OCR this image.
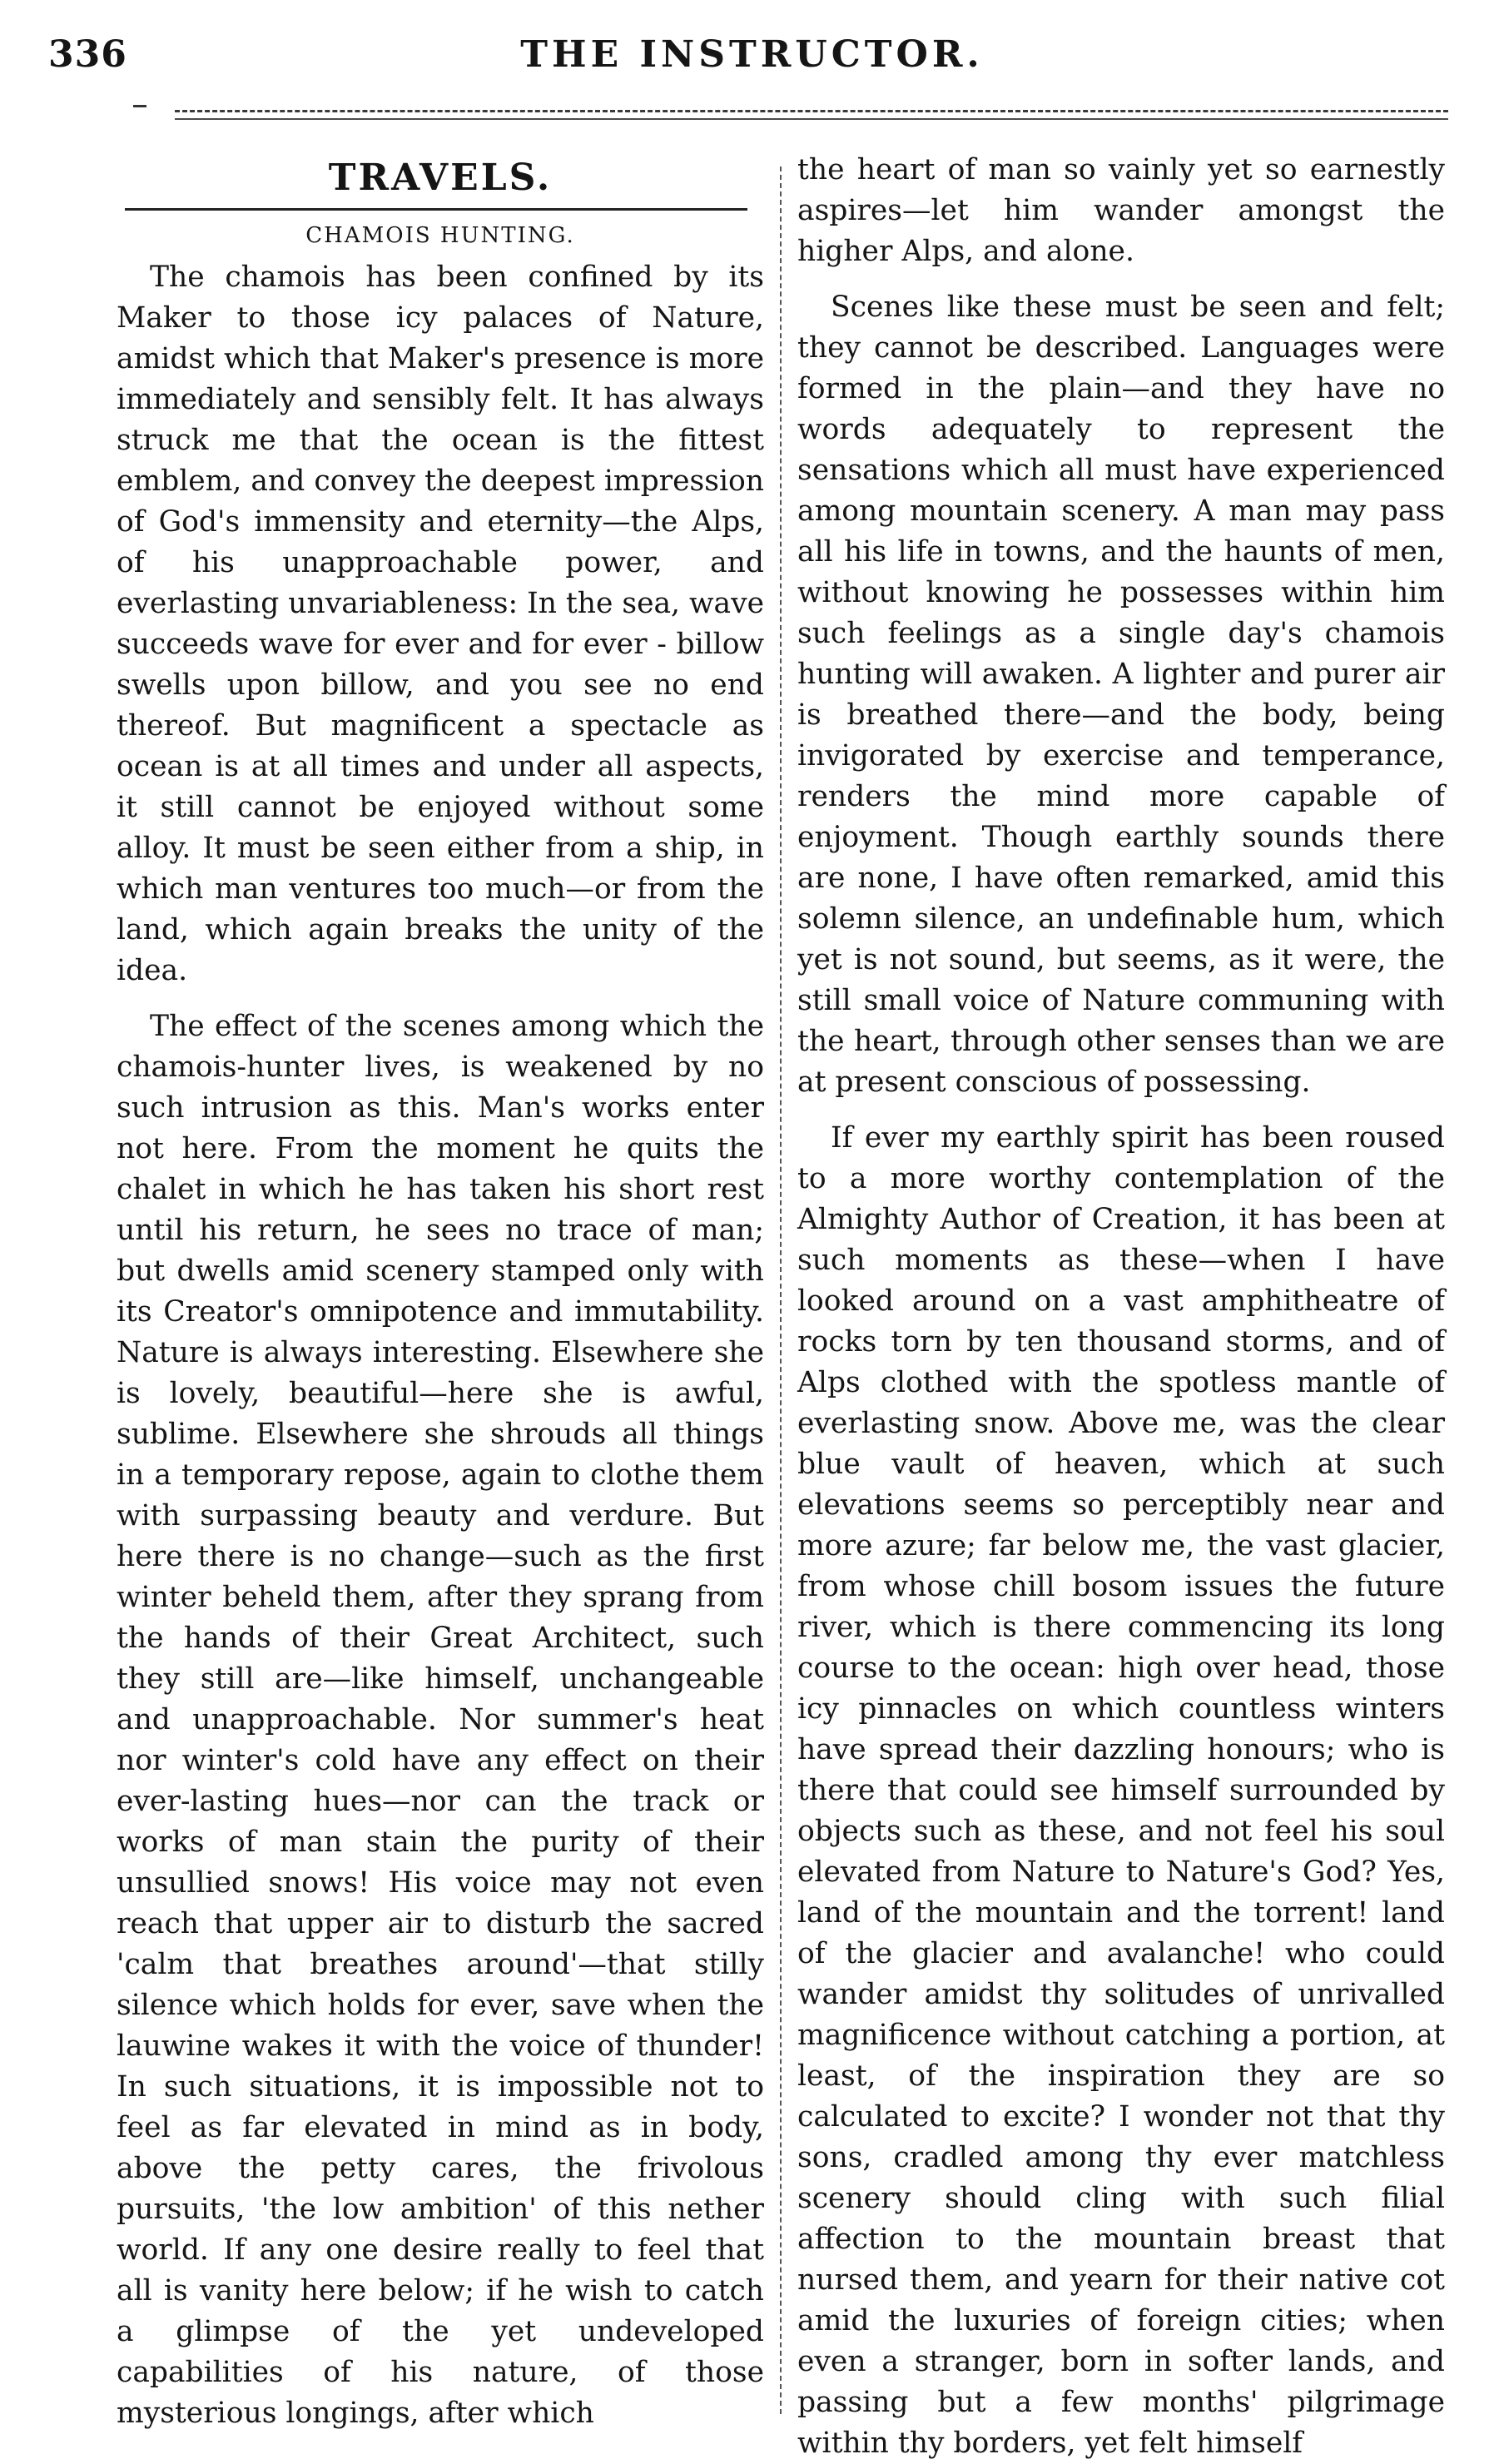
336	THE INSTRUCTOR.
TRAVELS.
CHAMOIS HUNTING.

The chamois has been confined by its Maker to those icy palaces of Nature, amidst which that Maker's presence is more immediately and sensibly felt. It has always struck me that the ocean is the fittest emblem, and convey the deepest impression of God's immensity and eternity—the Alps, of his unapproachable power, and everlasting unvariableness: In the sea, wave succeeds wave for ever and for ever - billow swells upon billow, and you see no end thereof. But magnificent a spectacle as ocean is at all times and under all aspects, it still cannot be enjoyed without some alloy. It must be seen either from a ship, in which man ventures too much—or from the land, which again breaks the unity of the idea.

The effect of the scenes among which the chamois-hunter lives, is weakened by no such intrusion as this. Man's works enter not here. From the moment he quits the chalet in which he has taken his short rest until his return, he sees no trace of man; but dwells amid scenery stamped only with its Creator's omnipotence and immutability. Nature is always interesting. Elsewhere she is lovely, beautiful—here she is awful, sublime. Elsewhere she shrouds all things in a temporary repose, again to clothe them with surpassing beauty and verdure. But here there is no change—such as the first winter beheld them, after they sprang from the hands of their Great Architect, such they still are—like himself, unchangeable and unapproachable. Nor summer's heat nor winter's cold have any effect on their ever-lasting hues—nor can the track or works of man stain the purity of their unsullied snows! His voice may not even reach that upper air to disturb the sacred 'calm that breathes around'—that stilly silence which holds for ever, save when the lauwine wakes it with the voice of thunder! In such situations, it is impossible not to feel as far elevated in mind as in body, above the petty cares, the frivolous pursuits, 'the low ambition' of this nether world. If any one desire really to feel that all is vanity here below; if he wish to catch a glimpse of the yet undeveloped capabilities of his nature, of those mysterious longings, after which

the heart of man so vainly yet so earnestly aspires—let him wander amongst the higher Alps, and alone.

Scenes like these must be seen and felt; they cannot be described. Languages were formed in the plain—and they have no words adequately to represent the sensations which all must have experienced among mountain scenery. A man may pass all his life in towns, and the haunts of men, without knowing he possesses within him such feelings as a single day's chamois hunting will awaken. A lighter and purer air is breathed there—and the body, being invigorated by exercise and temperance, renders the mind more capable of enjoyment. Though earthly sounds there are none, I have often remarked, amid this solemn silence, an undefinable hum, which yet is not sound, but seems, as it were, the still small voice of Nature communing with the heart, through other senses than we are at present conscious of possessing.

If ever my earthly spirit has been roused to a more worthy contemplation of the Almighty Author of Creation, it has been at such moments as these—when I have looked around on a vast amphitheatre of rocks torn by ten thousand storms, and of Alps clothed with the spotless mantle of everlasting snow. Above me, was the clear blue vault of heaven, which at such elevations seems so perceptibly near and more azure; far below me, the vast glacier, from whose chill bosom issues the future river, which is there commencing its long course to the ocean: high over head, those icy pinnacles on which countless winters have spread their dazzling honours; who is there that could see himself surrounded by objects such as these, and not feel his soul elevated from Nature to Nature's God? Yes, land of the mountain and the torrent! land of the glacier and avalanche! who could wander amidst thy solitudes of unrivalled magnificence without catching a portion, at least, of the inspiration they are so calculated to excite? I wonder not that thy sons, cradled among thy ever matchless scenery should cling with such filial affection to the mountain breast that nursed them, and yearn for their native cot amid the luxuries of foreign cities; when even a stranger, born in softer lands, and passing but a few months' pilgrimage within thy borders, yet felt himself
